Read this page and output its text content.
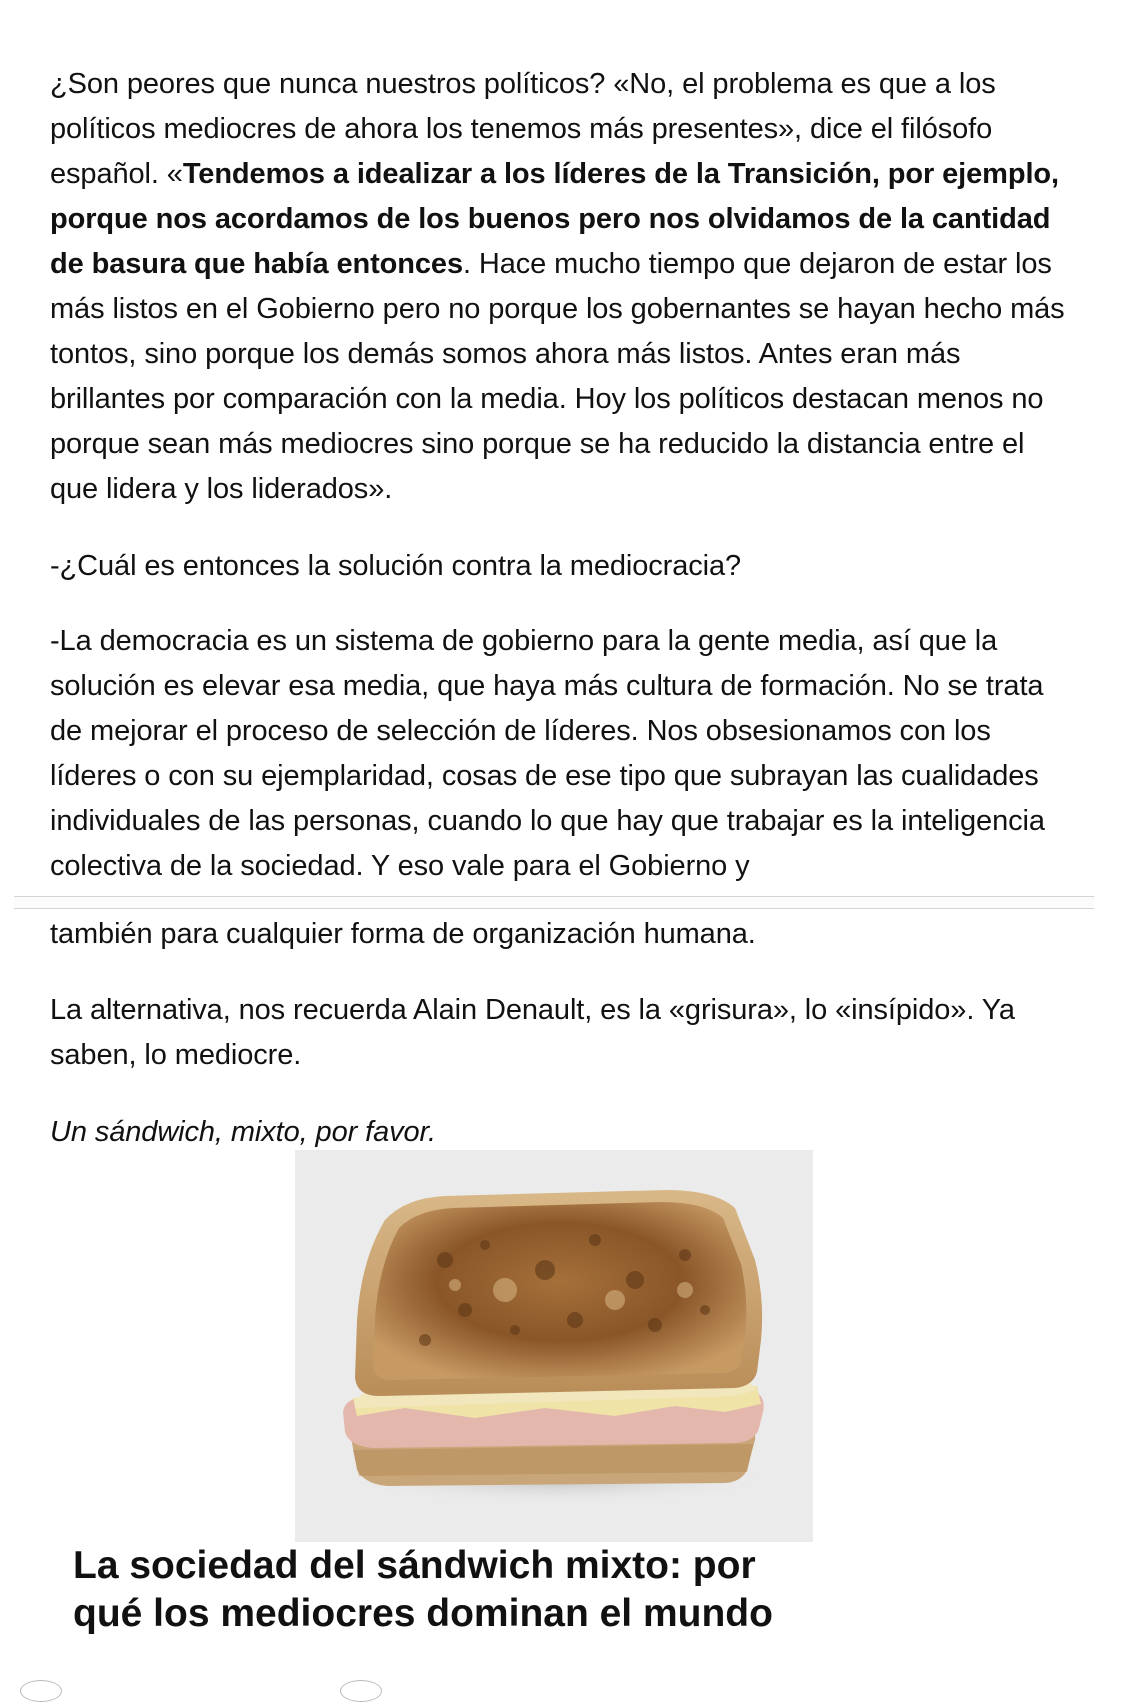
¿Son peores que nunca nuestros políticos? «No, el problema es que a los políticos mediocres de ahora los tenemos más presentes», dice el filósofo español. «Tendemos a idealizar a los líderes de la Transición, por ejemplo, porque nos acordamos de los buenos pero nos olvidamos de la cantidad de basura que había entonces. Hace mucho tiempo que dejaron de estar los más listos en el Gobierno pero no porque los gobernantes se hayan hecho más tontos, sino porque los demás somos ahora más listos. Antes eran más brillantes por comparación con la media. Hoy los políticos destacan menos no porque sean más mediocres sino porque se ha reducido la distancia entre el que lidera y los liderados».

-¿Cuál es entonces la solución contra la mediocracia?

-La democracia es un sistema de gobierno para la gente media, así que la solución es elevar esa media, que haya más cultura de formación. No se trata de mejorar el proceso de selección de líderes. Nos obsesionamos con los líderes o con su ejemplaridad, cosas de ese tipo que subrayan las cualidades individuales de las personas, cuando lo que hay que trabajar es la inteligencia colectiva de la sociedad. Y eso vale para el Gobierno y

también para cualquier forma de organización humana.

La alternativa, nos recuerda Alain Denault, es la «grisura», lo «insípido». Ya saben, lo mediocre.

Un sándwich, mixto, por favor.

La sociedad del sándwich mixto: por qué los mediocres dominan el mundo
